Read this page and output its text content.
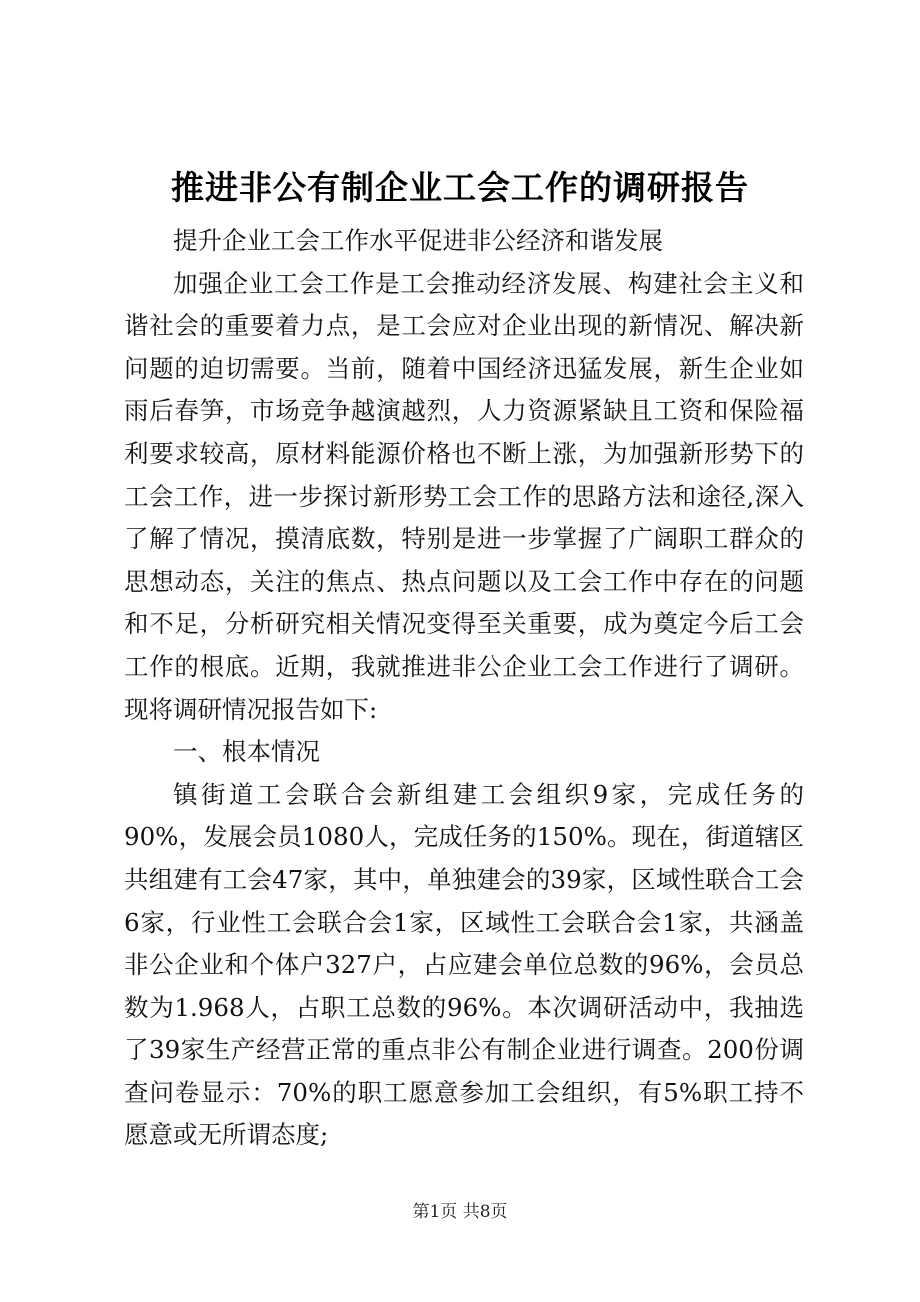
推进非公有制企业工会工作的调研报告

提升企业工会工作水平促进非公经济和谐发展

加强企业工会工作是工会推动经济发展、构建社会主义和谐社会的重要着力点，是工会应对企业出现的新情况、解决新问题的迫切需要。当前，随着中国经济迅猛发展，新生企业如雨后春笋，市场竞争越演越烈，人力资源紧缺且工资和保险福利要求较高，原材料能源价格也不断上涨，为加强新形势下的工会工作，进一步探讨新形势工会工作的思路方法和途径,深入了解了情况，摸清底数，特别是进一步掌握了广阔职工群众的思想动态，关注的焦点、热点问题以及工会工作中存在的问题和不足，分析研究相关情况变得至关重要，成为奠定今后工会工作的根底。近期，我就推进非公企业工会工作进行了调研。现将调研情况报告如下:

一、根本情况

镇街道工会联合会新组建工会组织9家，完成任务的90%，发展会员1080人，完成任务的150%。现在，街道辖区共组建有工会47家，其中，单独建会的39家，区域性联合工会6家，行业性工会联合会1家，区域性工会联合会1家，共涵盖非公企业和个体户327户，占应建会单位总数的96%，会员总数为1.968人，占职工总数的96%。本次调研活动中，我抽选了39家生产经营正常的重点非公有制企业进行调查。200份调查问卷显示：70%的职工愿意参加工会组织，有5%职工持不愿意或无所谓态度;

第1页 共8页
